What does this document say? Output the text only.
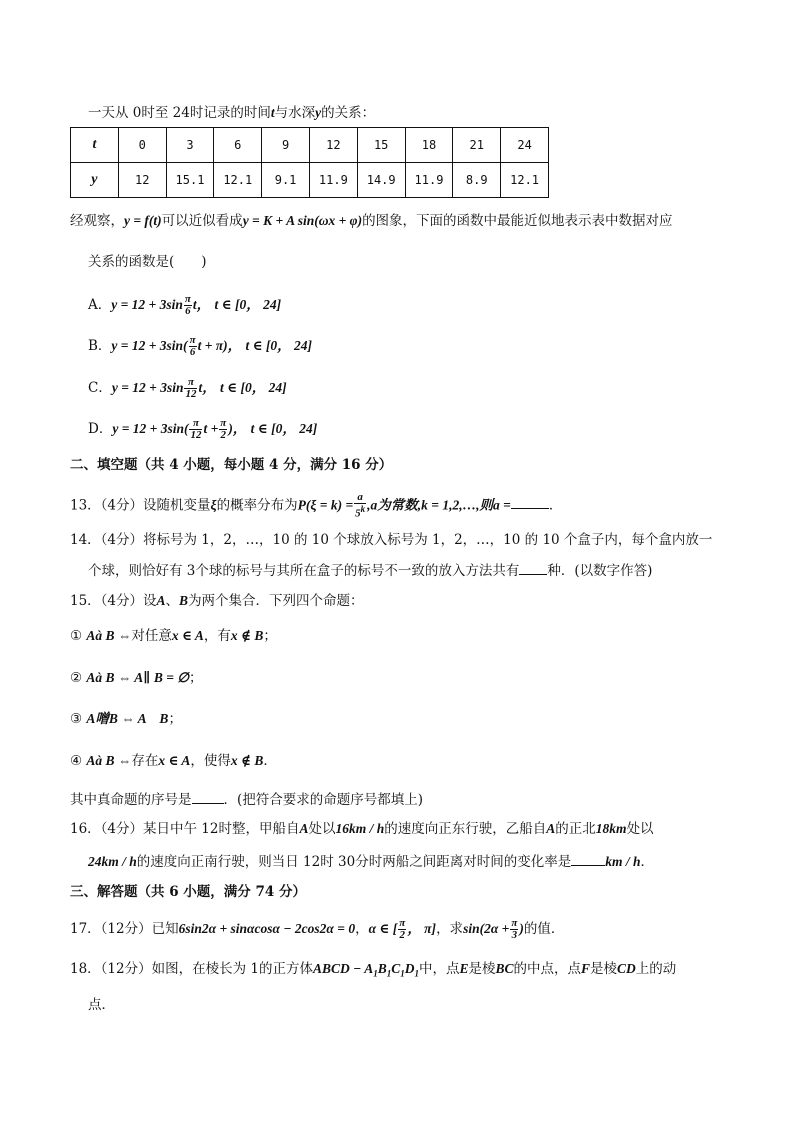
一天从 0时至 24时记录的时间t与水深y的关系：
t	0	3	6	9	12	15	18	21	24
y	12	15.1	12.1	9.1	11.9	14.9	11.9	8.9	12.1
经观察，y = f(t)可以近似看成y = K + A sin(ωx + φ)的图象，下面的函数中最能近似地表示表中数据对应
关系的函数是(　　)
A．$y = 12 + 3\sin \frac{\pi}{6}$ t， t ∈ [0， 24]
B．$y = 12 + 3\sin( \frac{\pi}{6}$ t + π)， t ∈ [0， 24]
C．$y = 12 + 3\sin \frac{\pi}{12}$ t， t ∈ [0， 24]
D．$y = 12 + 3\sin( \frac{\pi}{12}$ $t + \frac{\pi}{2}$ )， t ∈ [0， 24]
二、填空题（共 4 小题，每小题 4 分，满分 16 分）
13．（4分）设随机变量ξ的概率分布为$P(\xi = k) = \frac{a}{5^k} ,a$为常数,k = 1,2,…,则a =	．
14．（4分）将标号为 1，2，…，10 的 10 个球放入标号为 1，2，…，10 的 10 个盒子内，每个盒内放一
个球，则恰好有 3个球的标号与其所在盒子的标号不一致的放入方法共有 种．(以数字作答)
15．（4分）设A、B为两个集合．下列四个命题：
① Aà B ⇔对任意x ∈ A，有x ∉ B；
② Aà B ⇔ A∥ B = ∅；
③ A噌B ⇔ A　B；
④ Aà B ⇔存在x ∈ A，使得x ∉ B．
其中真命题的序号是 ．(把符合要求的命题序号都填上)
16．（4分）某日中午 12时整，甲船自A处以16km / h的速度向正东行驶，乙船自A的正北18km处以
24km / h的速度向正南行驶，则当日 12时 30分时两船之间距离对时间的变化率是	km / h．
三、解答题（共 6 小题，满分 74 分）
17．（12分）已知6sin2α + sinαcosα − 2cos2α = 0，α ∈ [ $\frac{\pi}{2}$ ， π]，求$\sin(2\alpha + \frac{\pi}{3}$ )的值．
18．（12分）如图，在棱长为 1的正方体ABCD − $A_1B_1C_1D_1$中，点E是棱BC的中点，点F是棱CD上的动
点．
